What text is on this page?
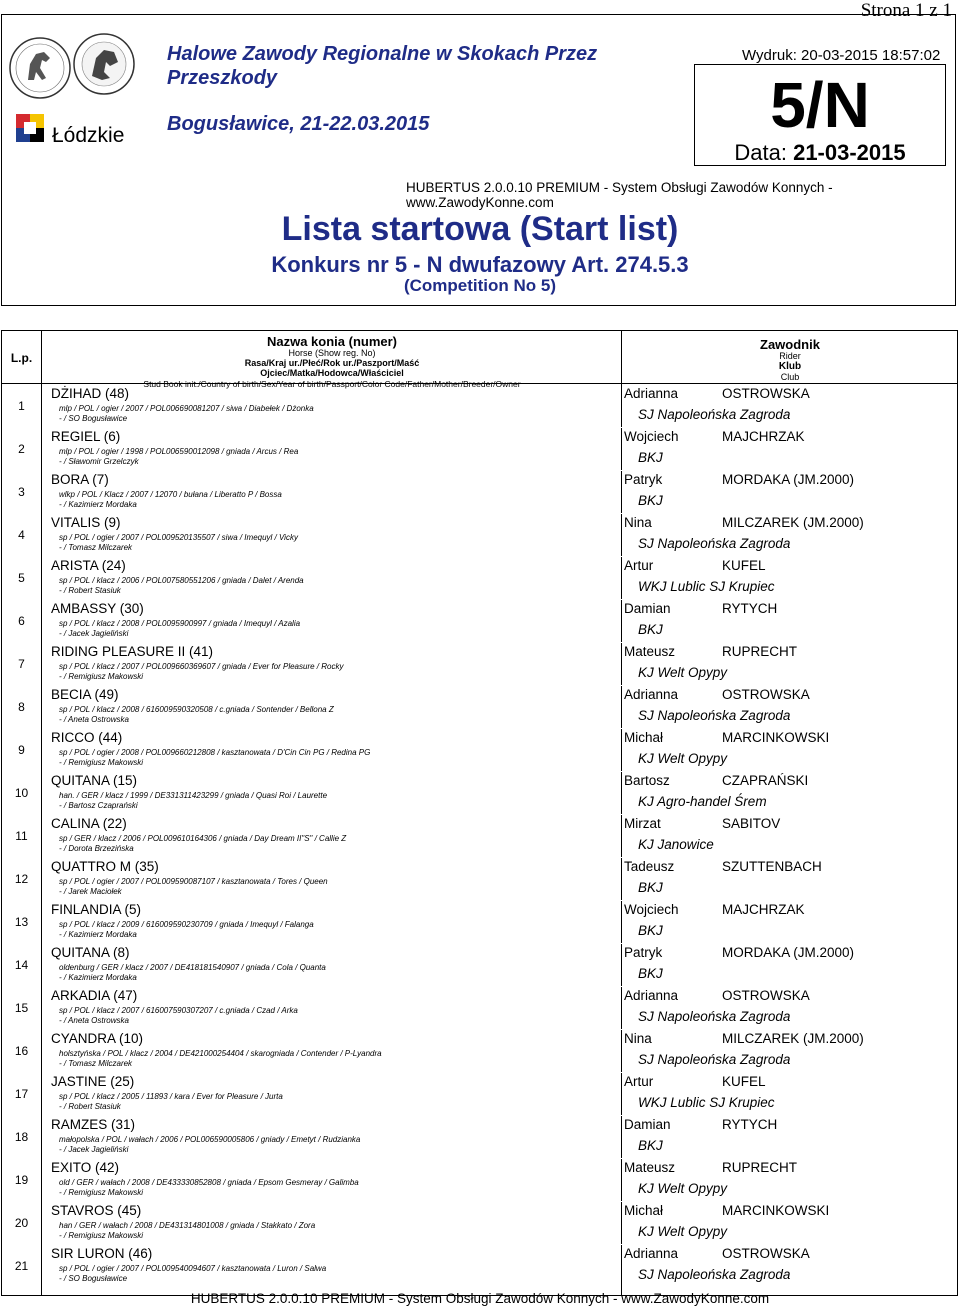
Strona 1 z 1
Łódzkie
Halowe Zawody Regionalne w Skokach Przez Przeszkody
Bogusławice, 21-22.03.2015
Wydruk: 20-03-2015 18:57:02
5/N
Data: 21-03-2015
HUBERTUS 2.0.0.10 PREMIUM - System Obsługi Zawodów Konnych - www.ZawodyKonne.com
Lista startowa (Start list)
Konkurs nr 5 - N dwufazowy Art. 274.5.3
(Competition No 5)
L.p.
Nazwa konia (numer)
Horse (Show reg. No)
Rasa/Kraj ur./Płeć/Rok ur./Paszport/Maść
Ojciec/Matka/Hodowca/Właściciel
Stud Book init./Country of birth/Sex/Year of birth/Passport/Color Code/Father/Mother/Breeder/Owner
Zawodnik
Rider
Klub
Club
1
DŻIHAD (48)
mlp / POL / ogier / 2007 / POL006690081207 / siwa / Diabełek / Dżonka
- / SO Bogusławice
Adrianna	OSTROWSKA
SJ Napoleońska Zagroda
2
REGIEL (6)
mlp / POL / ogier / 1998 / POL006590012098 / gniada / Arcus / Rea
- / Sławomir Grzelczyk
Wojciech	MAJCHRZAK
BKJ
3
BORA (7)
wlkp / POL / Klacz / 2007 / 12070 / bułana / Liberatto P / Bossa
- / Kazimierz Mordaka
Patryk	MORDAKA (JM.2000)
BKJ
4
VITALIS (9)
sp / POL / ogier / 2007 / POL009520135507 / siwa / Imequyl / Vicky
- / Tomasz Milczarek
Nina	MILCZAREK (JM.2000)
SJ Napoleońska Zagroda
5
ARISTA (24)
sp / POL / klacz / 2006 / POL007580551206 / gniada / Dalet / Arenda
- / Robert Stasiuk
Artur	KUFEL
WKJ Lublic SJ Krupiec
6
AMBASSY (30)
sp / POL / klacz / 2008 / POL0095900997 / gniada / Imequyl / Azalia
- / Jacek Jagieliński
Damian	RYTYCH
BKJ
7
RIDING PLEASURE II (41)
sp / POL / klacz / 2007 / POL009660369607 / gniada / Ever for Pleasure / Rocky
- / Remigiusz Makowski
Mateusz	RUPRECHT
KJ Welt Opypy
8
BECIA (49)
sp / POL / klacz / 2008 / 616009590320508 / c.gniada / Sontender / Bellona Z
- / Aneta Ostrowska
Adrianna	OSTROWSKA
SJ Napoleońska Zagroda
9
RICCO (44)
sp / POL / ogier / 2008 / POL009660212808 / kasztanowata / D'Cin Cin PG / Redina PG
- / Remigiusz Makowski
Michał	MARCINKOWSKI
KJ Welt Opypy
10
QUITANA (15)
han. / GER / klacz / 1999 / DE331311423299 / gniada / Quasi Roi / Laurette
- / Bartosz Czaprański
Bartosz	CZAPRAŃSKI
KJ Agro-handel Śrem
11
CALINA (22)
sp / GER / klacz / 2006 / POL009610164306 / gniada / Day Dream II"S" / Callie Z
- / Dorota Brzezińska
Mirzat	SABITOV
KJ Janowice
12
QUATTRO M (35)
sp / POL / ogier / 2007 / POL009590087107 / kasztanowata / Tores / Queen
- / Jarek Maciołek
Tadeusz	SZUTTENBACH
BKJ
13
FINLANDIA (5)
sp / POL / klacz / 2009 / 616009590230709 / gniada / Imequyl / Falanga
- / Kazimierz Mordaka
Wojciech	MAJCHRZAK
BKJ
14
QUITANA (8)
oldenburg / GER / klacz / 2007 / DE418181540907 / gniada / Cola / Quanta
- / Kazimierz Mordaka
Patryk	MORDAKA (JM.2000)
BKJ
15
ARKADIA (47)
sp / POL / klacz / 2007 / 616007590307207 / c.gniada / Czad / Arka
- / Aneta Ostrowska
Adrianna	OSTROWSKA
SJ Napoleońska Zagroda
16
CYANDRA (10)
holsztyńska / POL / klacz / 2004 / DE421000254404 / skarogniada / Contender / P-Lyandra
- / Tomasz Milczarek
Nina	MILCZAREK (JM.2000)
SJ Napoleońska Zagroda
17
JASTINE (25)
sp / POL / klacz / 2005 / 11893 / kara / Ever for Pleasure / Jurta
- / Robert Stasiuk
Artur	KUFEL
WKJ Lublic SJ Krupiec
18
RAMZES (31)
małopolska / POL / wałach / 2006 / POL006590005806 / gniady / Emetyt / Rudzianka
- / Jacek Jagieliński
Damian	RYTYCH
BKJ
19
EXITO (42)
old / GER / wałach / 2008 / DE433330852808 / gniada / Epsom Gesmeray / Galimba
- / Remigiusz Makowski
Mateusz	RUPRECHT
KJ Welt Opypy
20
STAVROS (45)
han / GER / wałach / 2008 / DE431314801008 / gniada / Stakkato / Zora
- / Remigiusz Makowski
Michał	MARCINKOWSKI
KJ Welt Opypy
21
SIR LURON (46)
sp / POL / ogier / 2007 / POL009540094607 / kasztanowata / Luron / Salwa
- / SO Bogusławice
Adrianna	OSTROWSKA
SJ Napoleońska Zagroda
HUBERTUS 2.0.0.10 PREMIUM - System Obsługi Zawodów Konnych - www.ZawodyKonne.com
